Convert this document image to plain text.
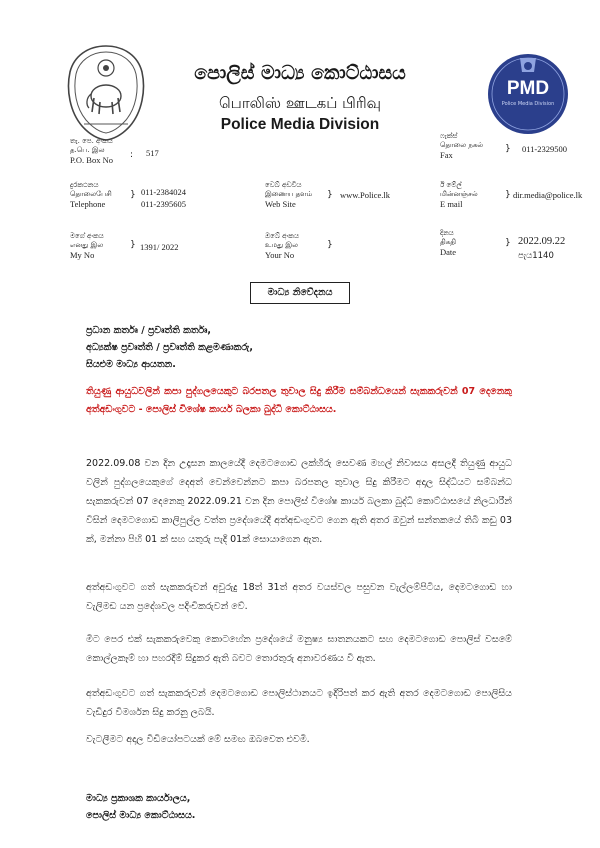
පොලිස් මාධ්‍ය කොට්ඨාසය
பொலிஸ் ஊடகப் பிரிவு
Police Media Division
PMD
Police Media Division
තැ. පෙ. අංකය
த.பெ. இல
P.O. Box No : 517
ෆැක්ස්
தொலை நகல்
Fax
} 011-2329500
දුරකථනය
தொலைபேசி
Telephone
} 011-2384024
011-2395605
වෙබ් අඩවිය
இணைய தளம்
Web Site
} www.Police.lk
ඊ මේල්
மின்னஞ்சல்
E mail
} dir.media@police.lk
මගේ අංකය
எனது இல
My No
} 1391/ 2022
ඔබේ අංකය
உமது இல
Your No
}
දිනය
திகதி
Date
} 2022.09.22
පැය1140
මාධ්‍ය නිවේදනය
ප්‍රධාන කර්තෘ / ප්‍රවෘත්ති කර්තෘ,
අධ්‍යක්ෂ ප්‍රවෘත්ති / ප්‍රවෘත්ති කළමණාකරු,
සියළුම මාධ්‍ය ආයතන.
තියුණු ආයුධවලින් කපා පුද්ගලයෙකුට බරපතල තුවාල සිදු කිරීම සම්බන්ධයෙන් සැකකරුවන් 07 දෙනෙකු අත්අඩංගුවට - පොලිස් විශේෂ කාර්ය බලකා බුද්ධි කොට්ඨාසය.
2022.09.08 වන දින උදෑසන කාලයේදී දෙමටගොඩ ලක්හිරු සෙවණ මහල් නිවාසය අසලදී තියුණු ආයුධ වලින් පුද්ගලයෙකුගේ දෙඅත් වෙන්වෙන්නට කපා බරපතල තුවාල සිදු කිරීමට අදාල සිද්ධියට සම්බන්ධ සැකකරුවන් 07 දෙනෙකු 2022.09.21 වන දින පොලිස් විශේෂ කාර්ය බලකා බුද්ධි කොට්ඨාසයේ නිලධාරීන් විසින් දෙමටගොඩ කාලිපුල්ල වත්ත ප්‍රදේශයේදී අත්අඩංගුවට ගෙන ඇති අතර ඔවුන් සන්තකයේ තිබී කඩු 03 ක්, මන්නා පිහි 01 ක් සහ යතුරු පැදි 01ක් සොයාගෙන ඇත.
අත්අඩංගුවට ගත් සැකකරුවන් අවුරුදු 18ත් 31ත් අතර වයස්වල පසුවන වැල්ලම්පිටිය, දෙමටගොඩ හා වැලිමඩ යන ප්‍රදේශවල පදිංචිකරුවන් වේ.
මීට පෙර එක් සැකකරුවෙකු කොටහේන ප්‍රදේශයේ මනුෂ්‍ය ඝාතනයකට සහ දෙමටගොඩ පොලිස් වසමේ කොල්ලකෑම් හා පහරදීම් සිදුකර ඇති බවට තොරතුරු අනාවරණය වී ඇත.
අත්අඩංගුවට ගත් සැකකරුවන් දෙමටගොඩ පොලිස්ථානයට ඉදිරිපත් කර ඇති අතර දෙමටගොඩ පොලිසිය වැඩිදුර විමර්ශන සිදු කරනු ලබයි.
වැටලීමට අදාල වීඩියෝපටයක් මේ සමඟ ඔබවෙත එවමි.
මාධ්‍ය ප්‍රකාශක කාර්යාලය,
පොලිස් මාධ්‍ය කොට්ඨාසය.
